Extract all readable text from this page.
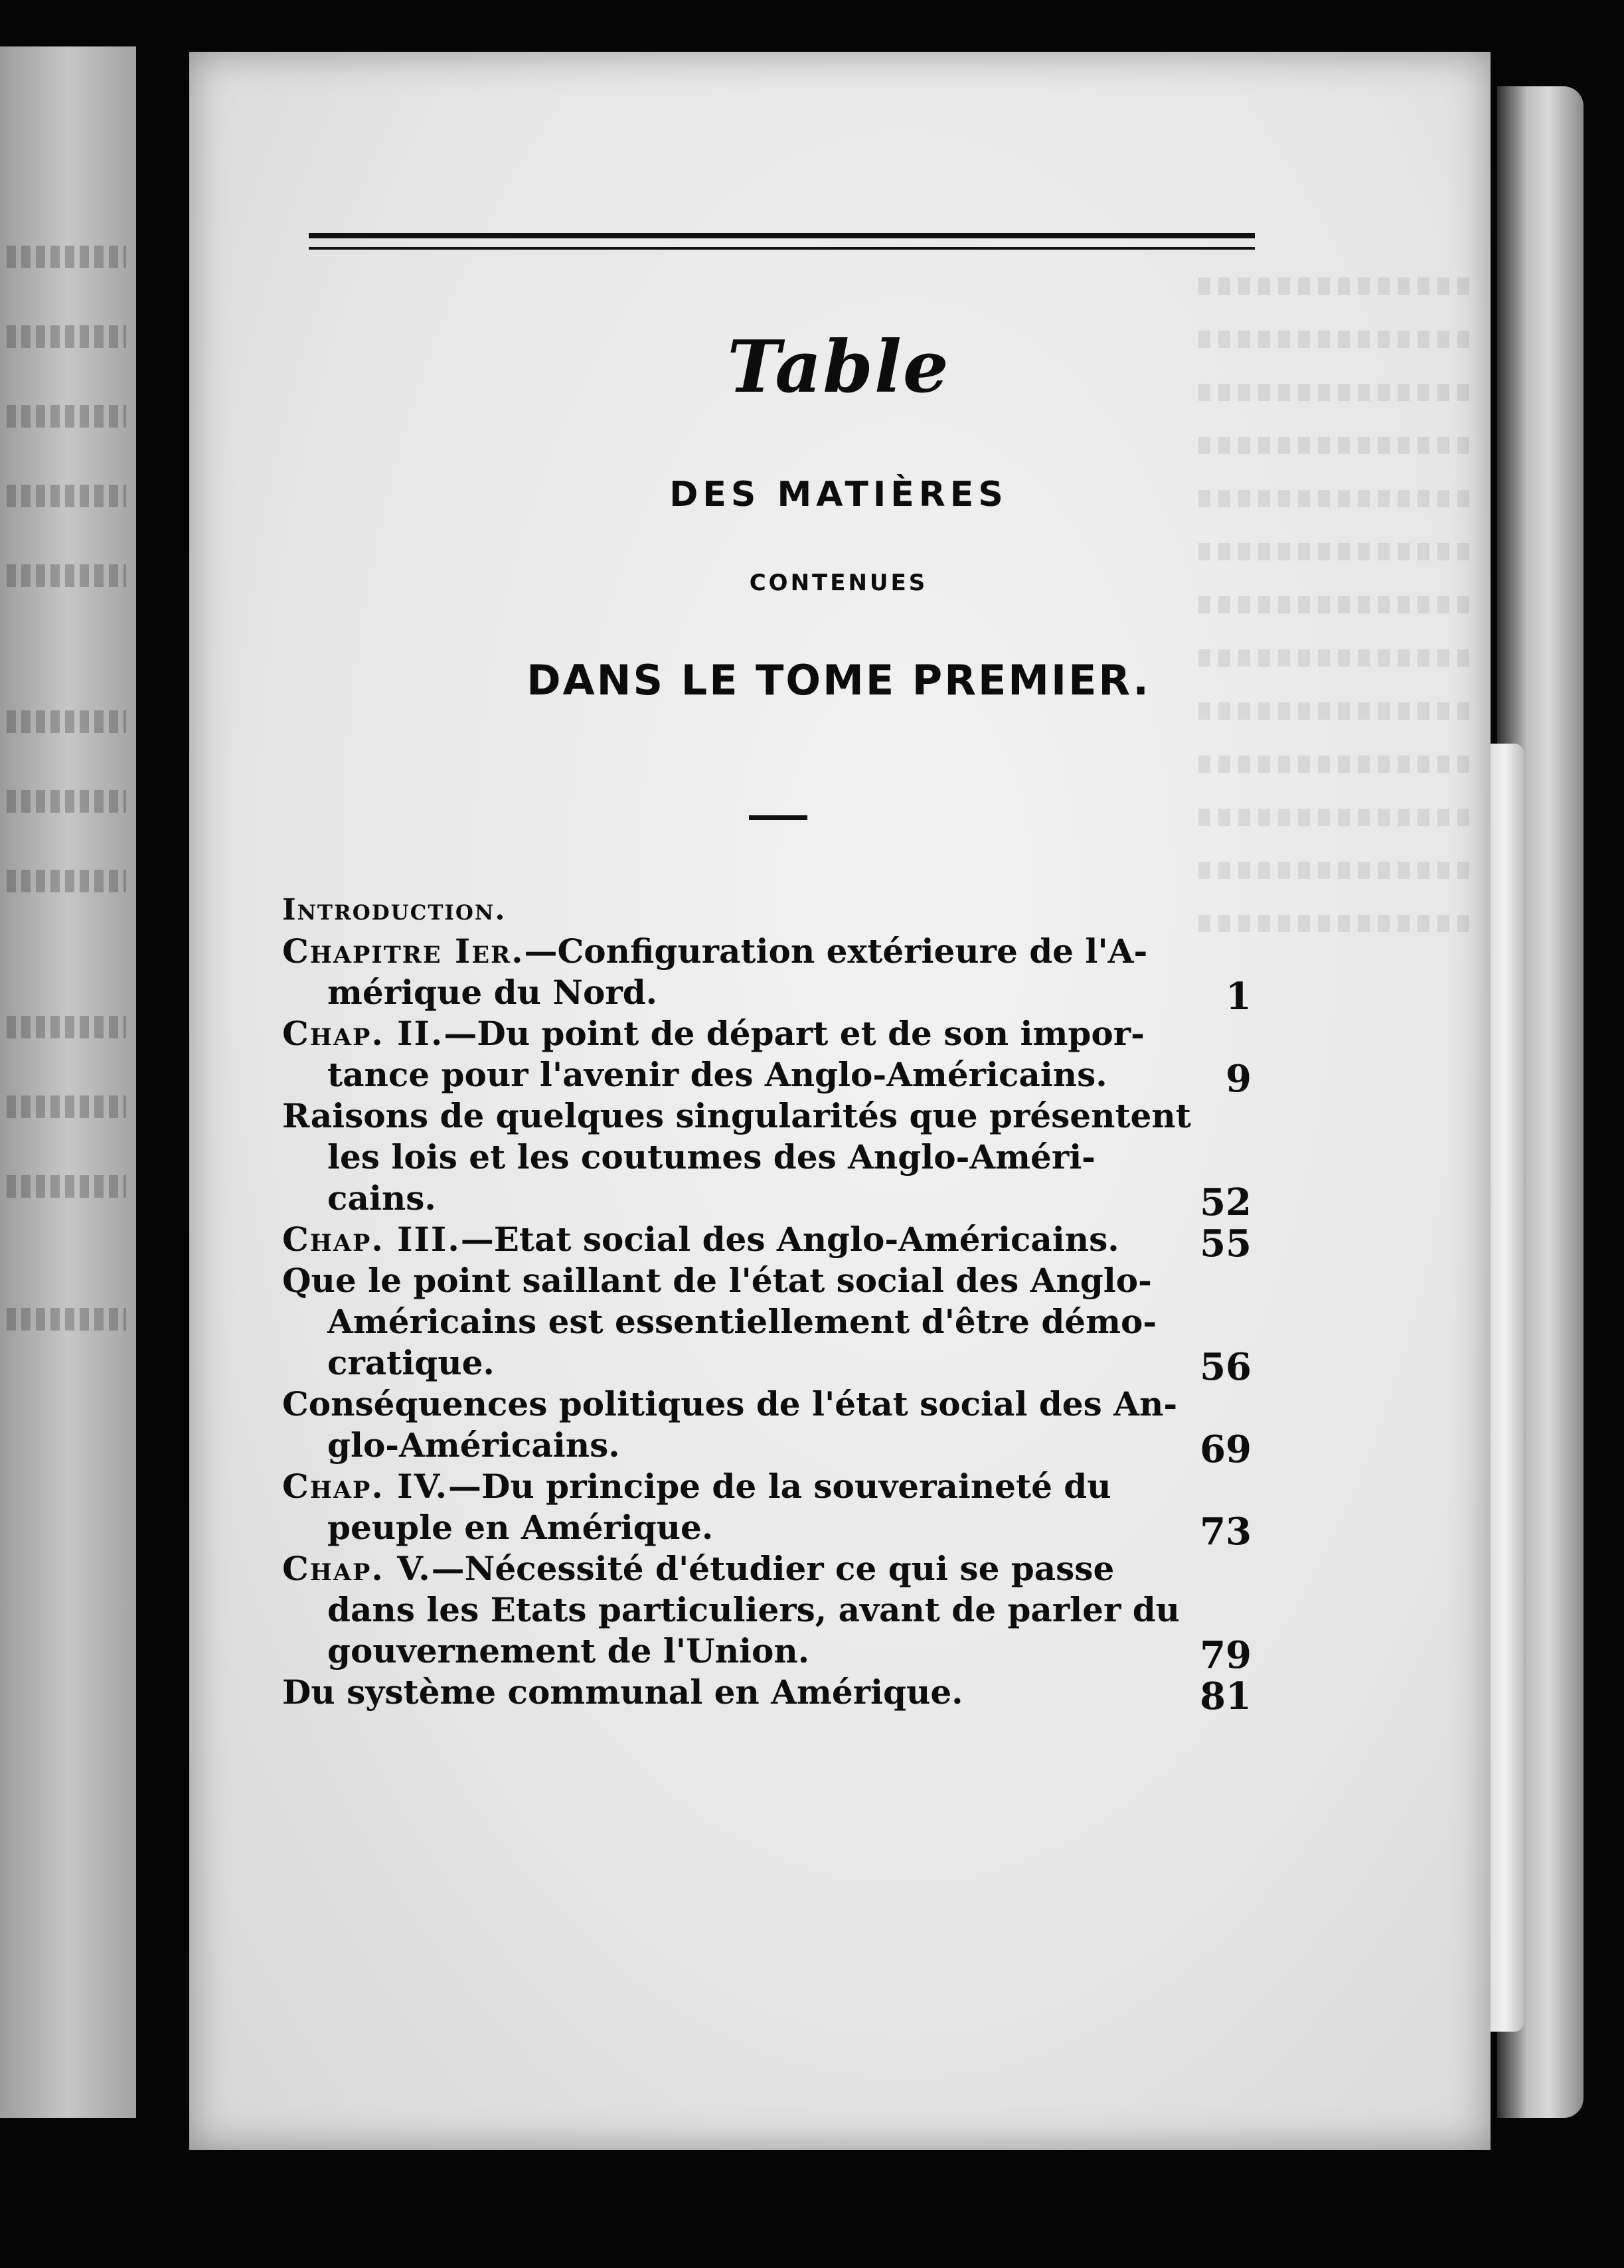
Table
DES MATIÈRES
CONTENUES
DANS LE TOME PREMIER.
Introduction.
Chapitre Ier.—Configuration extérieure de l'A-
mérique du Nord.	1
Chap. II.—Du point de départ et de son impor-
tance pour l'avenir des Anglo-Américains.	9
Raisons de quelques singularités que présentent
les lois et les coutumes des Anglo-Améri-
cains.	52
Chap. III.—Etat social des Anglo-Américains.	55
Que le point saillant de l'état social des Anglo-
Américains est essentiellement d'être démo-
cratique.	56
Conséquences politiques de l'état social des An-
glo-Américains.	69
Chap. IV.—Du principe de la souveraineté du
peuple en Amérique.	73
Chap. V.—Nécessité d'étudier ce qui se passe
dans les Etats particuliers, avant de parler du
gouvernement de l'Union.	79
Du système communal en Amérique.	81
